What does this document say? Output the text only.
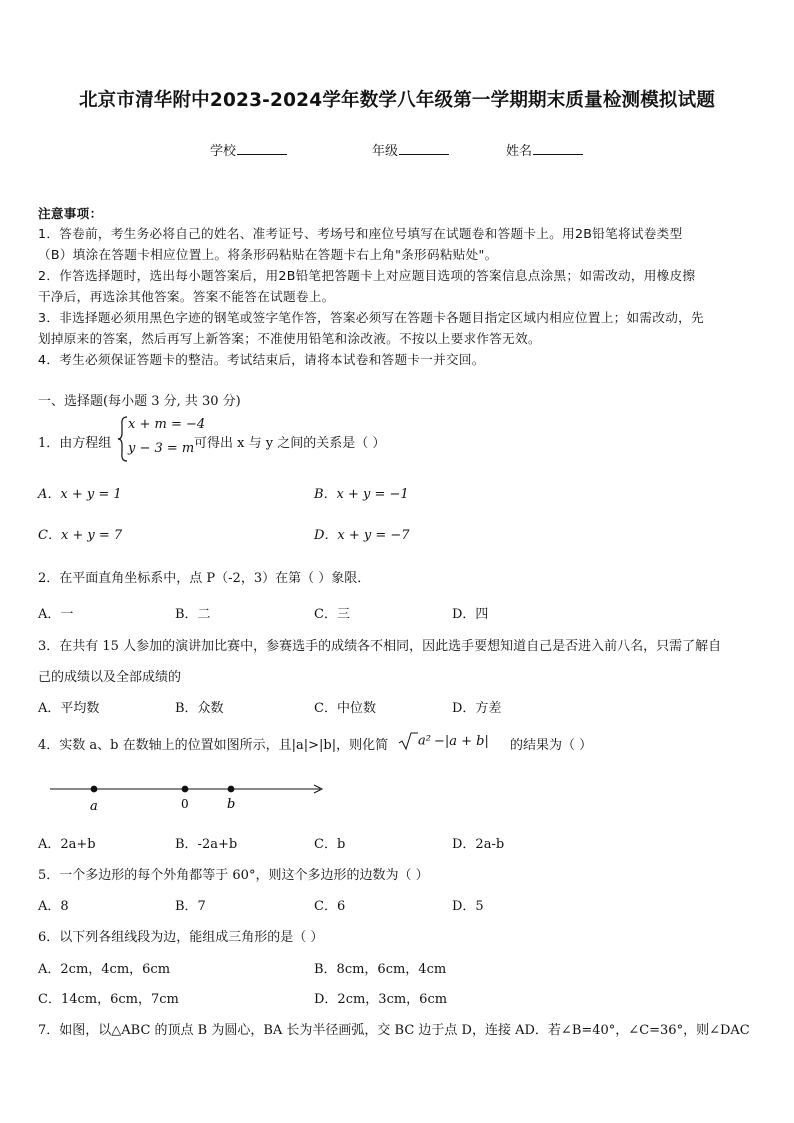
北京市清华附中2023-2024学年数学八年级第一学期期末质量检测模拟试题
学校	年级	姓名
注意事项：
1．答卷前，考生务必将自己的姓名、准考证号、考场号和座位号填写在试题卷和答题卡上。用2B铅笔将试卷类型
（B）填涂在答题卡相应位置上。将条形码粘贴在答题卡右上角"条形码粘贴处"。
2．作答选择题时，选出每小题答案后，用2B铅笔把答题卡上对应题目选项的答案信息点涂黑；如需改动，用橡皮擦
干净后，再选涂其他答案。答案不能答在试题卷上。
3．非选择题必须用黑色字迹的钢笔或签字笔作答，答案必须写在答题卡各题目指定区域内相应位置上；如需改动，先
划掉原来的答案，然后再写上新答案；不准使用铅笔和涂改液。不按以上要求作答无效。
4．考生必须保证答题卡的整洁。考试结束后，请将本试卷和答题卡一并交回。
一、选择题(每小题 3 分, 共 30 分)
1．由方程组
x + m = −4
y − 3 = m 可得出 x 与 y 之间的关系是（ ）
A．x + y = 1	B．x + y = −1
C．x + y = 7	D．x + y = −7
2．在平面直角坐标系中，点 P（-2，3）在第（ ）象限．
A．一	B．二	C．三	D．四
3．在共有 15 人参加的演讲加比赛中，参赛选手的成绩各不相同，因此选手要想知道自己是否进入前八名，只需了解自
己的成绩以及全部成绩的
A．平均数	B．众数	C．中位数	D．方差
4．实数 a、b 在数轴上的位置如图所示，且|a|>|b|，则化简	a² −|a + b| 的结果为（ ）
a	0	b
A．2a+b	B．-2a+b	C．b	D．2a-b
5．一个多边形的每个外角都等于 60°，则这个多边形的边数为（ ）
A．8	B．7	C．6	D．5
6．以下列各组线段为边，能组成三角形的是（ ）
A．2cm，4cm，6cm	B．8cm，6cm，4cm
C．14cm，6cm，7cm	D．2cm，3cm，6cm
7．如图，以△ABC 的顶点 B 为圆心，BA 长为半径画弧，交 BC 边于点 D，连接 AD．若∠B=40°，∠C=36°，则∠DAC
